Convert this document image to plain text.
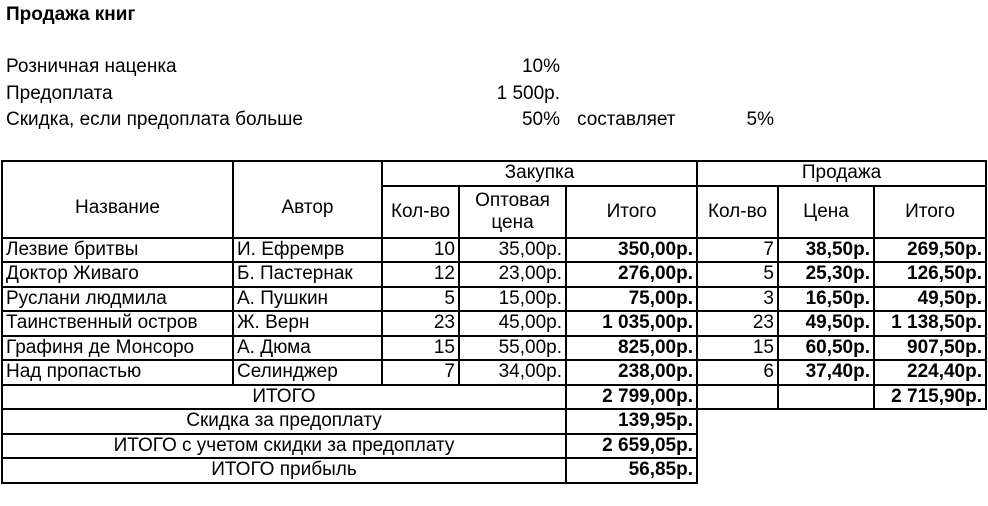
Продажа книг
Розничная наценка	10%
Предоплата	1 500р.
Скидка, если предоплата больше	50% составляет	5%
Название	Автор	Закупка			Продажа		
		Кол-во	Оптовая цена	Итого	Кол-во	Цена	Итого
Лезвие бритвы	И. Ефремрв	10	35,00р.	350,00р.	7	38,50р.	269,50р.
Доктор Живаго	Б. Пастернак	12	23,00р.	276,00р.	5	25,30р.	126,50р.
Руслани людмила	А. Пушкин	5	15,00р.	75,00р.	3	16,50р.	49,50р.
Таинственный остров	Ж. Верн	23	45,00р.	1 035,00р.	23	49,50р.	1 138,50р.
Графиня де Монсоро	А. Дюма	15	55,00р.	825,00р.	15	60,50р.	907,50р.
Над пропастью	Селинджер	7	34,00р.	238,00р.	6	37,40р.	224,40р.
ИТОГО				2 799,00р.			2 715,90р.
Скидка за предоплату				139,95р.			
ИТОГО с учетом скидки за предоплату				2 659,05р.			
ИТОГО прибыль				56,85р.			
